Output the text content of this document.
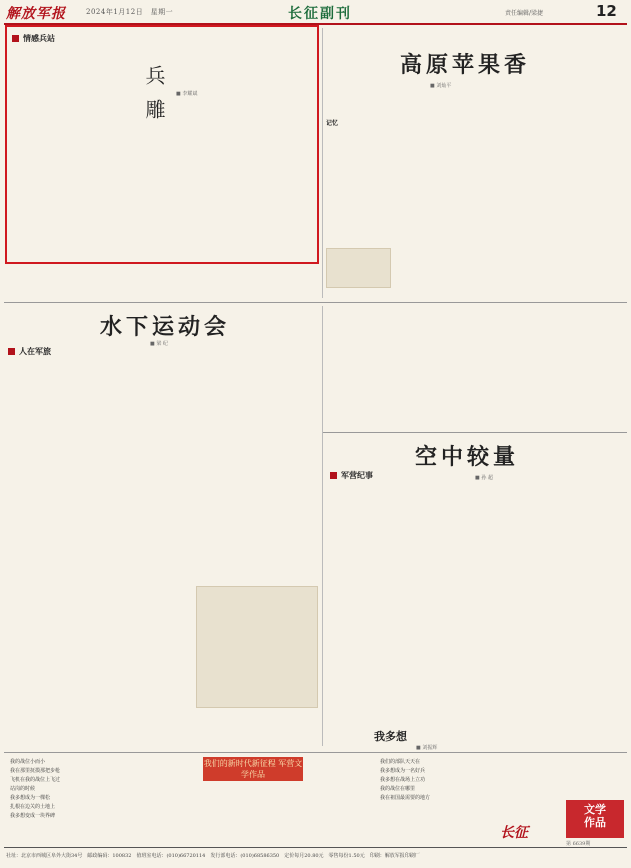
解放军报	2024年1月12日　星期一	长征副刊	责任编辑/梁捷	12
情感兵站
兵雕
■ 李耀斌
高原苹果香
■ 刘灿平
记忆
水下运动会
■ 梁 纪
人在军旅
空中较量
■ 孙 超
军营纪事
我多想
■ 刘振辉
我们的新时代新征程 军营文学作品
我的战位小而小
我在那里抚摸那把步枪
飞机在我的战位上飞过
站岗的时候
我多想成为一棵松
扎根在边关的土地上
我多想变成一块界碑
我们的部队天天在
我多想成为一名好兵
我多想在战场上立功
我的战位在哪里
我在祖国最需要的地方
文学
作品
长征
第 6639期
社址：北京市西城区阜外大街34号　邮政编码：100832　值班室电话：(010)66720114　发行部电话：(010)68586350　定价每月20.80元　零售每份1.50元　印刷：解放军报印刷厂
